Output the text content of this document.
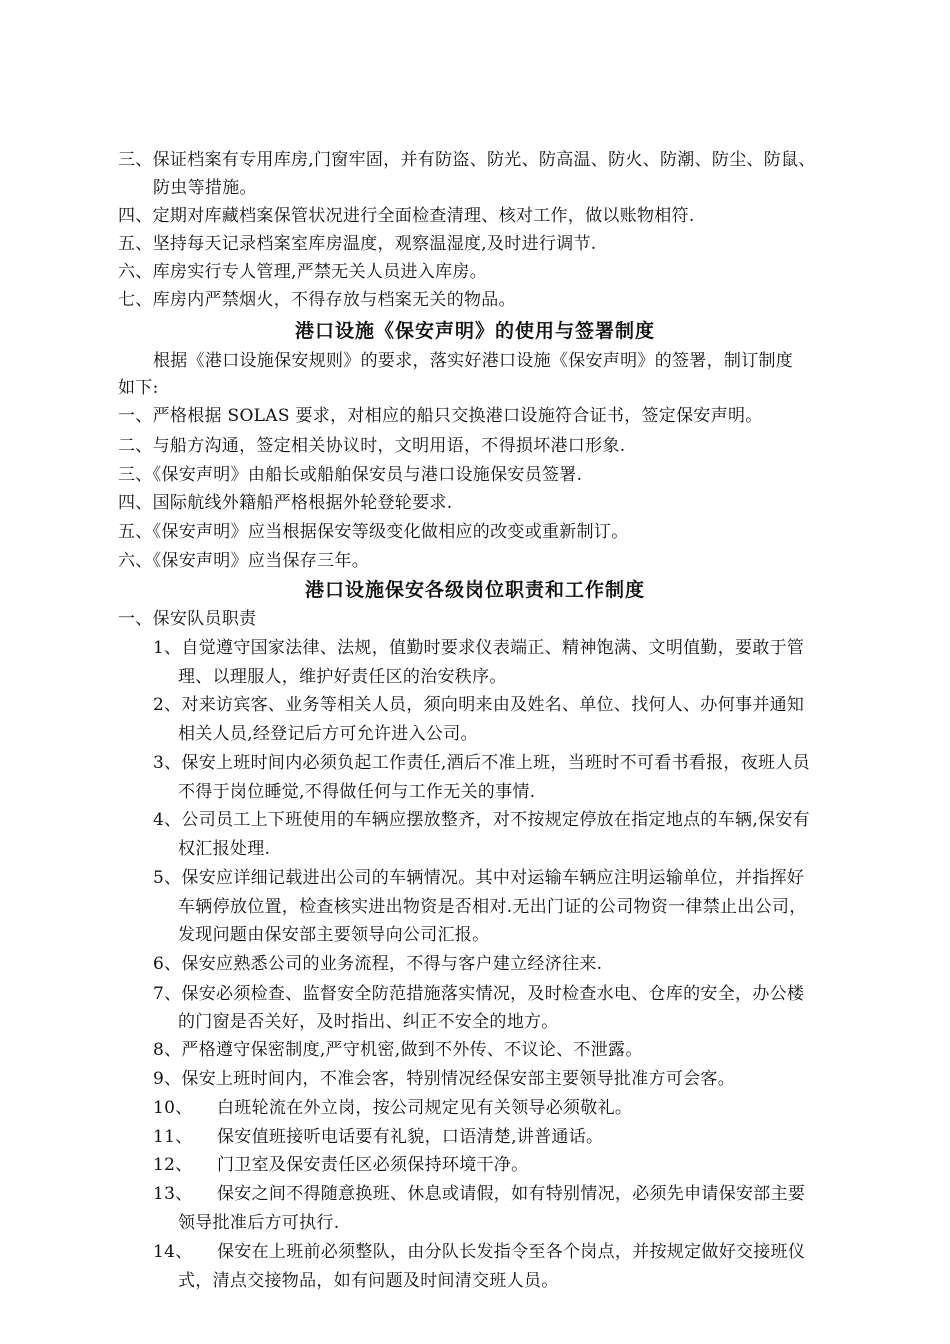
三、保证档案有专用库房,门窗牢固，并有防盗、防光、防高温、防火、防潮、防尘、防鼠、
防虫等措施。
四、定期对库藏档案保管状况进行全面检查清理、核对工作，做以账物相符.
五、坚持每天记录档案室库房温度，观察温湿度,及时进行调节.
六、库房实行专人管理,严禁无关人员进入库房。
七、库房内严禁烟火，不得存放与档案无关的物品。
港口设施《保安声明》的使用与签署制度
根据《港口设施保安规则》的要求，落实好港口设施《保安声明》的签署，制订制度
如下:
一、严格根据 SOLAS 要求，对相应的船只交换港口设施符合证书，签定保安声明。
二、与船方沟通，签定相关协议时，文明用语，不得损坏港口形象.
三、《保安声明》由船长或船舶保安员与港口设施保安员签署.
四、国际航线外籍船严格根据外轮登轮要求.
五、《保安声明》应当根据保安等级变化做相应的改变或重新制订。
六、《保安声明》应当保存三年。
港口设施保安各级岗位职责和工作制度
一、保安队员职责
1、自觉遵守国家法律、法规，值勤时要求仪表端正、精神饱满、文明值勤，要敢于管
理、以理服人，维护好责任区的治安秩序。
2、对来访宾客、业务等相关人员，须向明来由及姓名、单位、找何人、办何事并通知
相关人员,经登记后方可允许进入公司。
3、保安上班时间内必须负起工作责任,酒后不准上班，当班时不可看书看报，夜班人员
不得于岗位睡觉,不得做任何与工作无关的事情.
4、公司员工上下班使用的车辆应摆放整齐，对不按规定停放在指定地点的车辆,保安有
权汇报处理.
5、保安应详细记载进出公司的车辆情况。其中对运输车辆应注明运输单位，并指挥好
车辆停放位置，检查核实进出物资是否相对.无出门证的公司物资一律禁止出公司，
发现问题由保安部主要领导向公司汇报。
6、保安应熟悉公司的业务流程，不得与客户建立经济往来.
7、保安必须检查、监督安全防范措施落实情况，及时检查水电、仓库的安全，办公楼
的门窗是否关好，及时指出、纠正不安全的地方。
8、严格遵守保密制度,严守机密,做到不外传、不议论、不泄露。
9、保安上班时间内，不准会客，特别情况经保安部主要领导批准方可会客。
10、 白班轮流在外立岗，按公司规定见有关领导必须敬礼。
11、 保安值班接听电话要有礼貌，口语清楚,讲普通话。
12、 门卫室及保安责任区必须保持环境干净。
13、 保安之间不得随意换班、休息或请假，如有特别情况，必须先申请保安部主要
领导批准后方可执行.
14、 保安在上班前必须整队，由分队长发指令至各个岗点，并按规定做好交接班仪
式，清点交接物品，如有问题及时间清交班人员。
